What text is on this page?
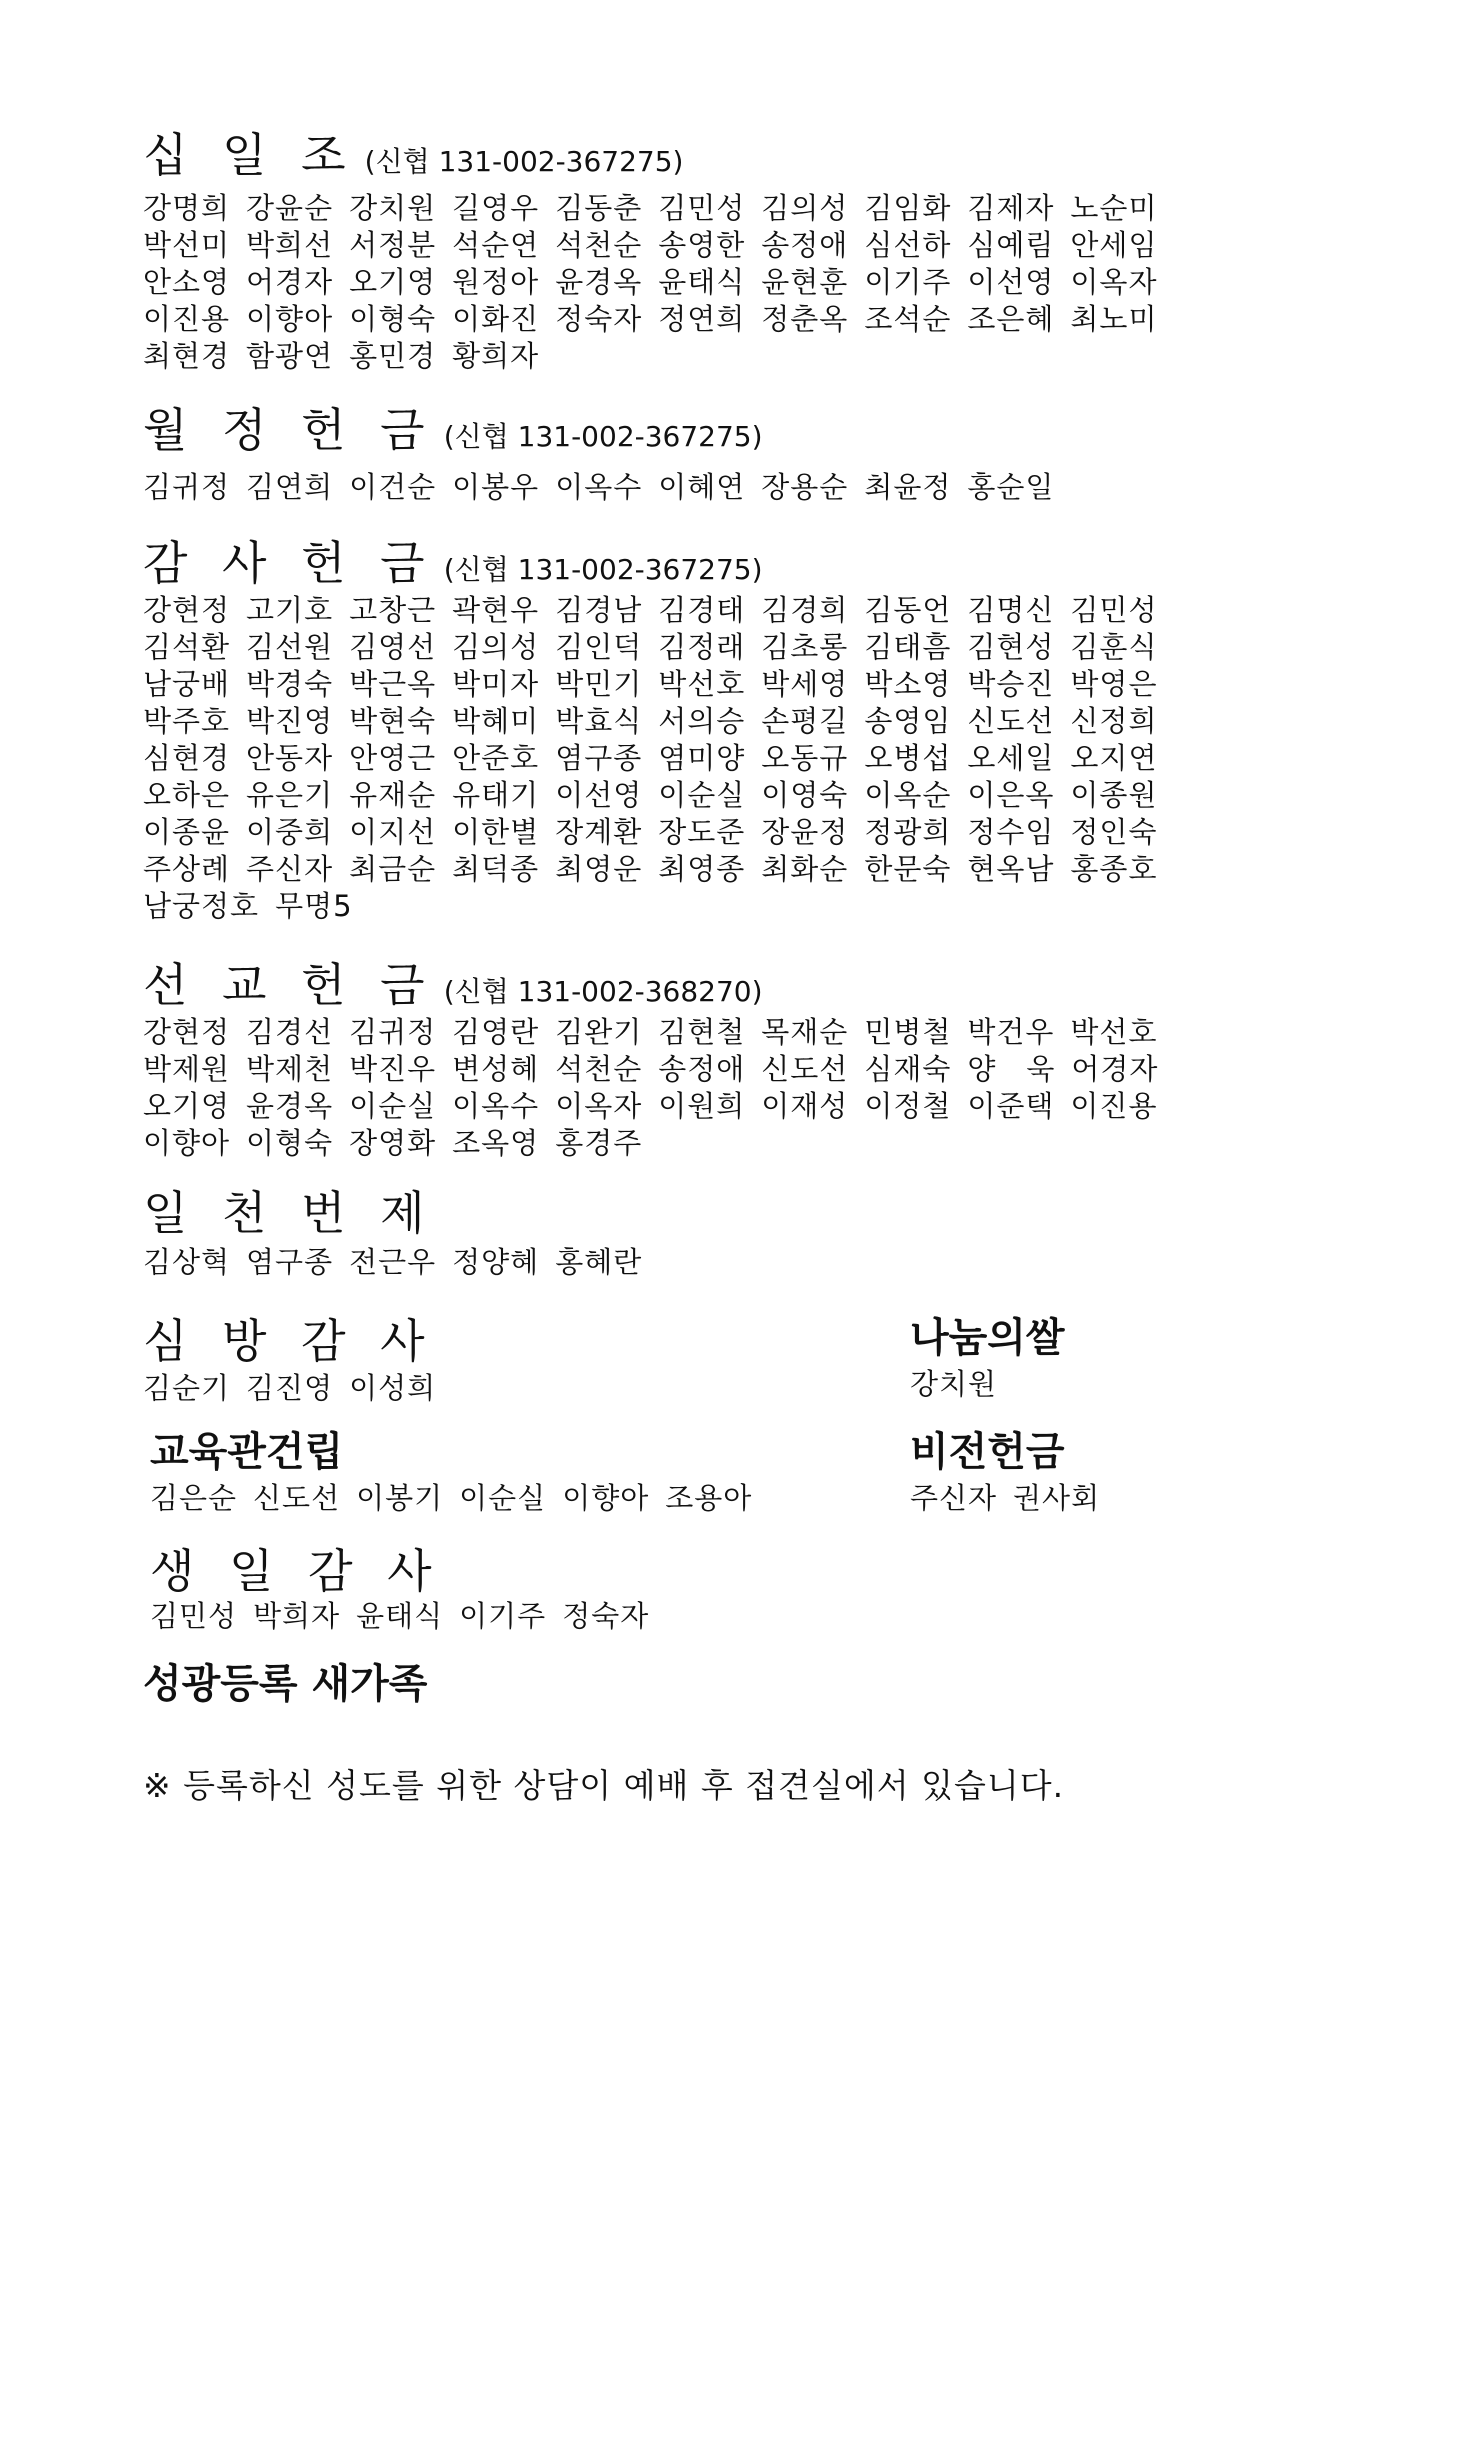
십 일 조 (신협 131-002-367275)
강명희 강윤순 강치원 길영우 김동춘 김민성 김의성 김임화 김제자 노순미
박선미 박희선 서정분 석순연 석천순 송영한 송정애 심선하 심예림 안세임
안소영 어경자 오기영 원정아 윤경옥 윤태식 윤현훈 이기주 이선영 이옥자
이진용 이향아 이형숙 이화진 정숙자 정연희 정춘옥 조석순 조은혜 최노미
최현경 함광연 홍민경 황희자
월 정 헌 금 (신협 131-002-367275)
김귀정 김연희 이건순 이봉우 이옥수 이혜연 장용순 최윤정 홍순일
감 사 헌 금 (신협 131-002-367275)
강현정 고기호 고창근 곽현우 김경남 김경태 김경희 김동언 김명신 김민성
김석환 김선원 김영선 김의성 김인덕 김정래 김초롱 김태흠 김현성 김훈식
남궁배 박경숙 박근옥 박미자 박민기 박선호 박세영 박소영 박승진 박영은
박주호 박진영 박현숙 박혜미 박효식 서의승 손평길 송영임 신도선 신정희
심현경 안동자 안영근 안준호 염구종 염미양 오동규 오병섭 오세일 오지연
오하은 유은기 유재순 유태기 이선영 이순실 이영숙 이옥순 이은옥 이종원
이종윤 이중희 이지선 이한별 장계환 장도준 장윤정 정광희 정수임 정인숙
주상례 주신자 최금순 최덕종 최영운 최영종 최화순 한문숙 현옥남 홍종호
남궁정호 무명5
선 교 헌 금 (신협 131-002-368270)
강현정 김경선 김귀정 김영란 김완기 김현철 목재순 민병철 박건우 박선호
박제원 박제천 박진우 변성혜 석천순 송정애 신도선 심재숙 양　욱 어경자
오기영 윤경옥 이순실 이옥수 이옥자 이원희 이재성 이정철 이준택 이진용
이향아 이형숙 장영화 조옥영 홍경주
일 천 번 제
김상혁 염구종 전근우 정양혜 홍혜란
심 방 감 사
김순기 김진영 이성희
나눔의쌀
강치원
교육관건립
김은순 신도선 이봉기 이순실 이향아 조용아
비전헌금
주신자 권사회
생 일 감 사
김민성 박희자 윤태식 이기주 정숙자
성광등록 새가족
※ 등록하신 성도를 위한 상담이 예배 후 접견실에서 있습니다.
